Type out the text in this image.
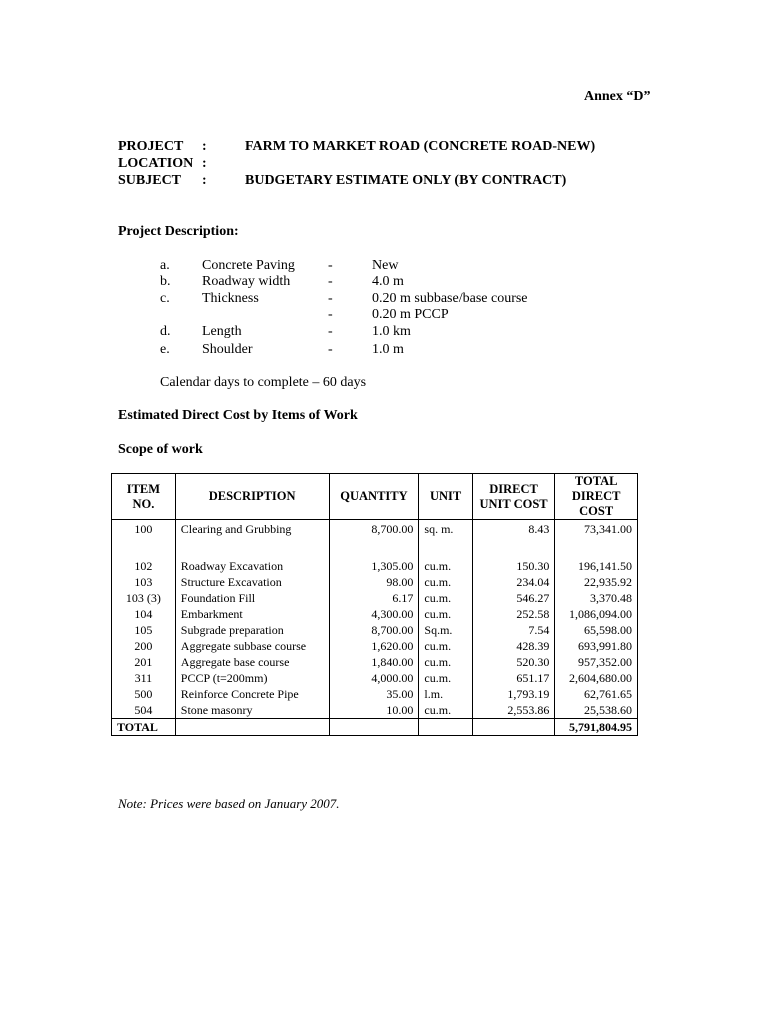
Annex “D”
PROJECT :	FARM TO MARKET ROAD (CONCRETE ROAD-NEW)
LOCATION :
SUBJECT :	BUDGETARY ESTIMATE ONLY (BY CONTRACT)
Project Description:
a. Concrete Paving -	New
b. Roadway width	-	4.0 m
c. Thickness	-	0.20 m subbase/base course
-	0.20 m PCCP
d. Length	-	1.0 km
e. Shoulder	-	1.0 m
Calendar days to complete – 60 days
Estimated Direct Cost by Items of Work
Scope of work
ITEM NO.	DESCRIPTION	QUANTITY	UNIT	DIRECT UNIT COST	TOTAL DIRECT COST
100	Clearing and Grubbing	8,700.00	sq. m.	8.43	73,341.00

102	Roadway Excavation	1,305.00	cu.m.	150.30	196,141.50
103	Structure Excavation	98.00	cu.m.	234.04	22,935.92
103 (3)	Foundation Fill	6.17	cu.m.	546.27	3,370.48
104	Embarkment	4,300.00	cu.m.	252.58	1,086,094.00
105	Subgrade preparation	8,700.00	Sq.m.	7.54	65,598.00
200	Aggregate subbase course	1,620.00	cu.m.	428.39	693,991.80
201	Aggregate base course	1,840.00	cu.m.	520.30	957,352.00
311	PCCP (t=200mm)	4,000.00	cu.m.	651.17	2,604,680.00
500	Reinforce Concrete Pipe	35.00	l.m.	1,793.19	62,761.65
504	Stone masonry	10.00	cu.m.	2,553.86	25,538.60
TOTAL					5,791,804.95
Note: Prices were based on January 2007.
